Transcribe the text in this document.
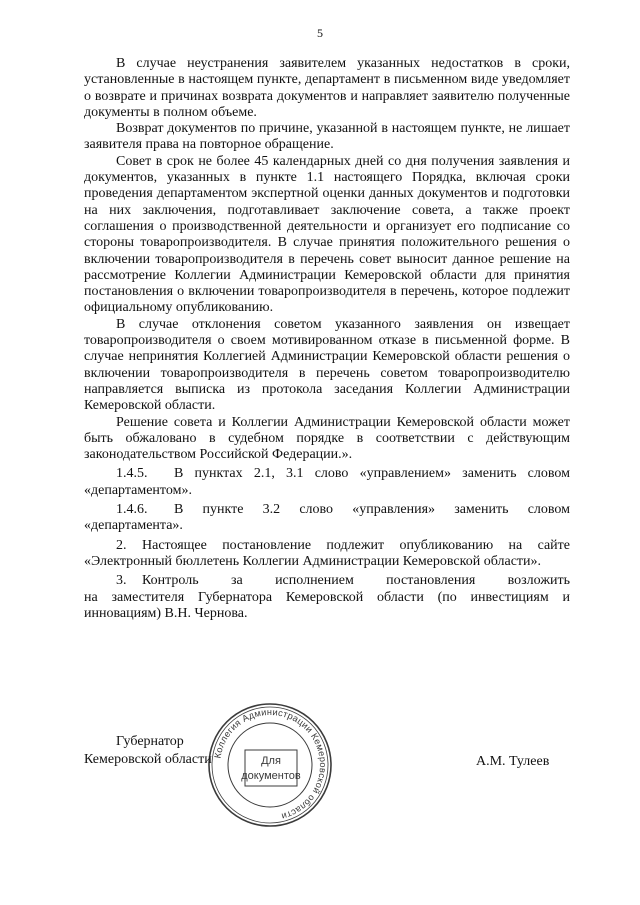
5

В случае неустранения заявителем указанных недостатков в сроки, установленные в настоящем пункте, департамент в письменном виде уведомляет о возврате и причинах возврата документов и направляет заявителю полученные документы в полном объеме.

Возврат документов по причине, указанной в настоящем пункте, не лишает заявителя права на повторное обращение.

Совет в срок не более 45 календарных дней со дня получения заявления и документов, указанных в пункте 1.1 настоящего Порядка, включая сроки проведения департаментом экспертной оценки данных документов и подготовки на них заключения, подготавливает заключение совета, а также проект соглашения о производственной деятельности и организует его подписание со стороны товаропроизводителя. В случае принятия положительного решения о включении товаропроизводителя в перечень совет выносит данное решение на рассмотрение Коллегии Администрации Кемеровской области для принятия постановления о включении товаропроизводителя в перечень, которое подлежит официальному опубликованию.

В случае отклонения советом указанного заявления он извещает товаропроизводителя о своем мотивированном отказе в письменной форме. В случае непринятия Коллегией Администрации Кемеровской области решения о включении товаропроизводителя в перечень советом товаропроизводителю направляется выписка из протокола заседания Коллегии Администрации Кемеровской области.

Решение совета и Коллегии Администрации Кемеровской области может быть обжаловано в судебном порядке в соответствии с действующим законодательством Российской Федерации.».

1.4.5.	В пунктах 2.1, 3.1 слово «управлением» заменить словом

«департаментом».

1.4.6.	В пункте 3.2 слово «управления» заменить словом

«департамента».

2.	Настоящее постановление подлежит опубликованию на сайте

«Электронный бюллетень Коллегии Администрации Кемеровской области».

3.	Контроль за исполнением постановления возложить

на заместителя Губернатора Кемеровской области (по инвестициям и инновациям) В.Н. Чернова.

Коллегия Администрации Кемеровской области
Для
документов
Губернатор
Кемеровской области	А.М. Тулеев
